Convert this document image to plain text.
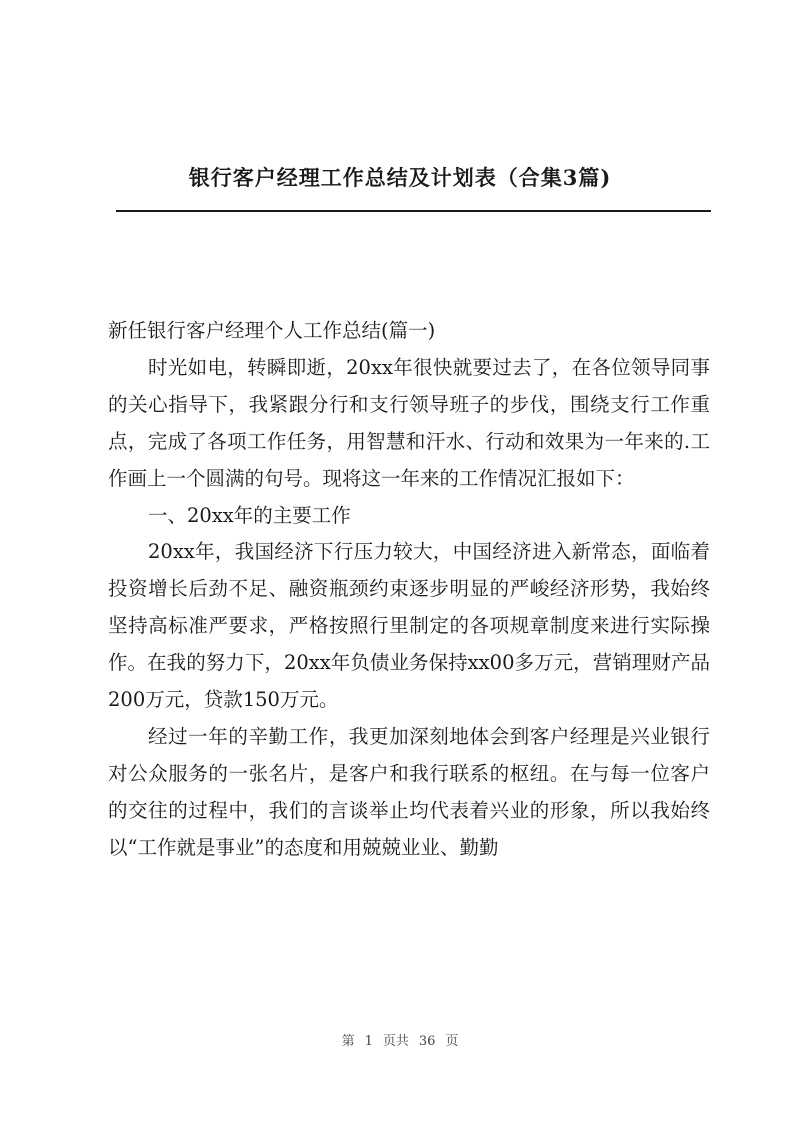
银行客户经理工作总结及计划表（合集3篇)

新任银行客户经理个人工作总结(篇一)

时光如电，转瞬即逝，20xx年很快就要过去了，在各位领导同事的关心指导下，我紧跟分行和支行领导班子的步伐，围绕支行工作重点，完成了各项工作任务，用智慧和汗水、行动和效果为一年来的.工作画上一个圆满的句号。现将这一年来的工作情况汇报如下：

一、20xx年的主要工作

20xx年，我国经济下行压力较大，中国经济进入新常态，面临着投资增长后劲不足、融资瓶颈约束逐步明显的严峻经济形势，我始终坚持高标准严要求，严格按照行里制定的各项规章制度来进行实际操作。在我的努力下，20xx年负债业务保持xx00多万元，营销理财产品200万元，贷款150万元。

经过一年的辛勤工作，我更加深刻地体会到客户经理是兴业银行对公众服务的一张名片，是客户和我行联系的枢纽。在与每一位客户的交往的过程中，我们的言谈举止均代表着兴业的形象，所以我始终以“工作就是事业”的态度和用兢兢业业、勤勤

第 1 页共 36 页
